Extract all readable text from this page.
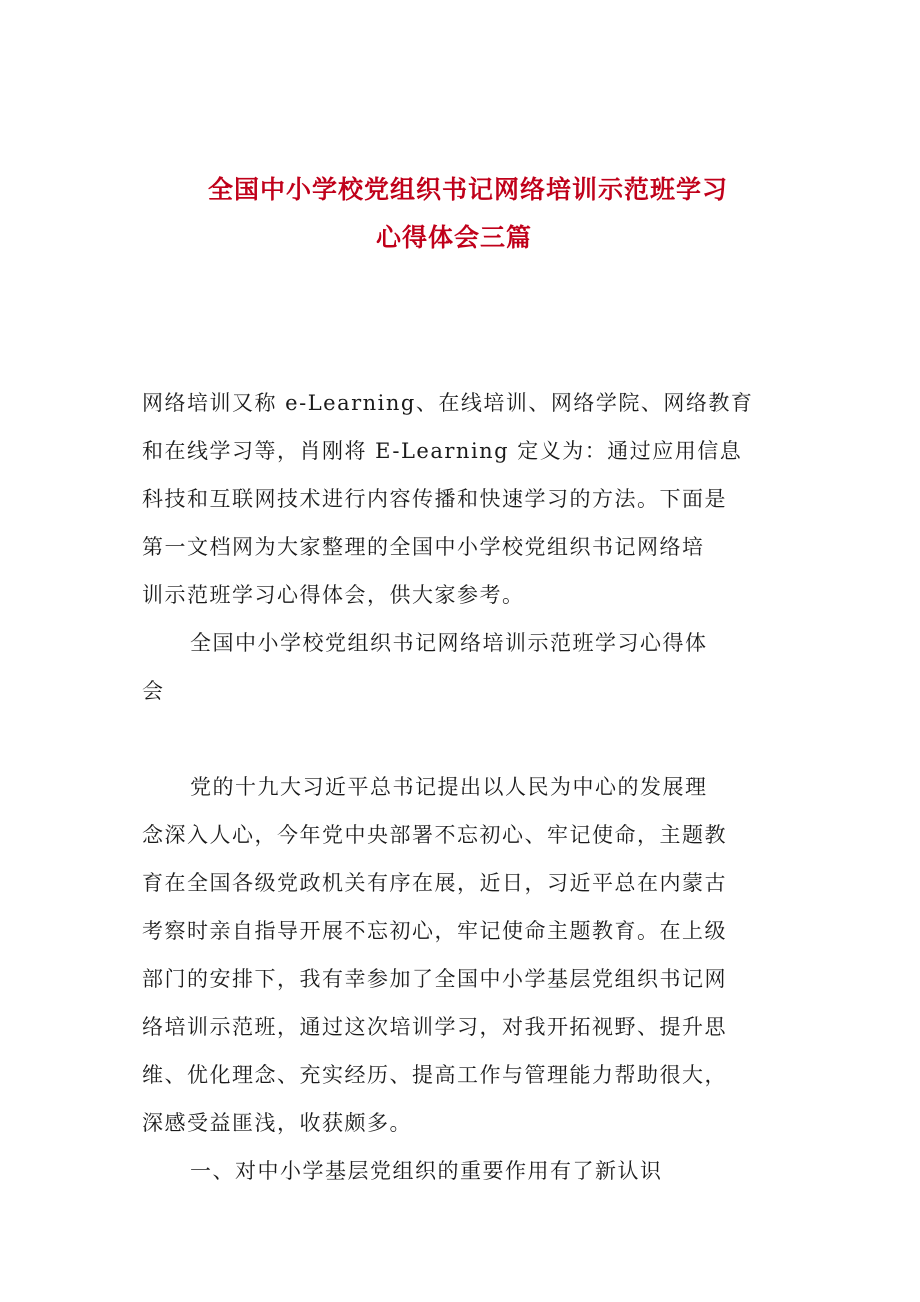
全国中小学校党组织书记网络培训示范班学习
心得体会三篇
网络培训又称 e-Learning、在线培训、网络学院、网络教育
和在线学习等，肖刚将 E-Learning 定义为：通过应用信息
科技和互联网技术进行内容传播和快速学习的方法。下面是
第一文档网为大家整理的全国中小学校党组织书记网络培
训示范班学习心得体会，供大家参考。
全国中小学校党组织书记网络培训示范班学习心得体
会
党的十九大习近平总书记提出以人民为中心的发展理
念深入人心，今年党中央部署不忘初心、牢记使命，主题教
育在全国各级党政机关有序在展，近日，习近平总在内蒙古
考察时亲自指导开展不忘初心，牢记使命主题教育。在上级
部门的安排下，我有幸参加了全国中小学基层党组织书记网
络培训示范班，通过这次培训学习，对我开拓视野、提升思
维、优化理念、充实经历、提高工作与管理能力帮助很大，
深感受益匪浅，收获颇多。
一、对中小学基层党组织的重要作用有了新认识
